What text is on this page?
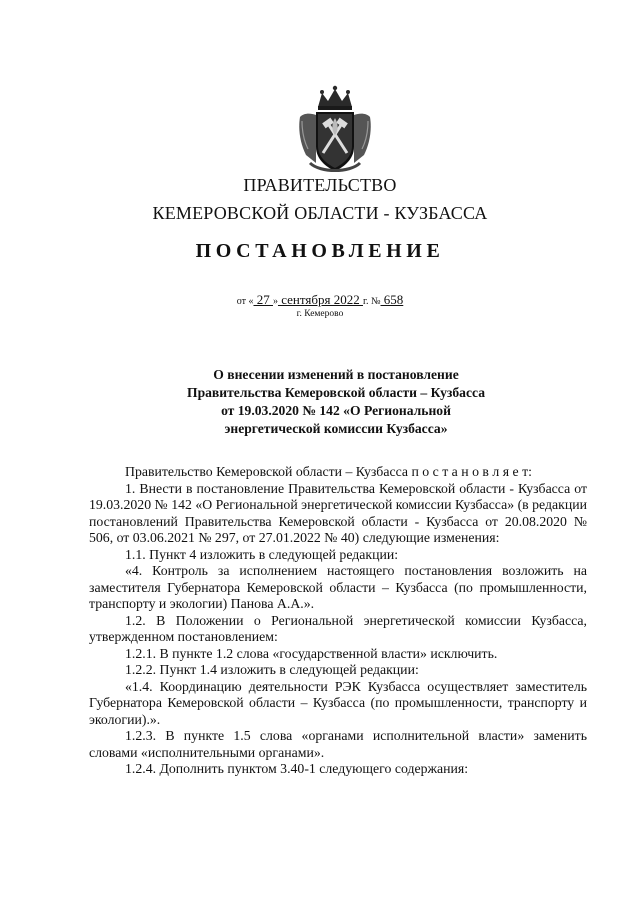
ПРАВИТЕЛЬСТВО
КЕМЕРОВСКОЙ ОБЛАСТИ - КУЗБАССА
ПОСТАНОВЛЕНИЕ
от « 27 » сентября 2022 г. № 658
г. Кемерово
О внесении изменений в постановление
Правительства Кемеровской области – Кузбасса
от 19.03.2020 № 142 «О Региональной
энергетической комиссии Кузбасса»

Правительство Кемеровской области – Кузбасса п о с т а н о в л я е т:

1. Внести в постановление Правительства Кемеровской области - Кузбасса от 19.03.2020 № 142 «О Региональной энергетической комиссии Кузбасса» (в редакции постановлений Правительства Кемеровской области - Кузбасса от 20.08.2020 № 506, от 03.06.2021 № 297, от 27.01.2022 № 40) следующие изменения:

1.1. Пункт 4 изложить в следующей редакции:

«4. Контроль за исполнением настоящего постановления возложить на заместителя Губернатора Кемеровской области – Кузбасса (по промышленности, транспорту и экологии) Панова А.А.».

1.2. В Положении о Региональной энергетической комиссии Кузбасса, утвержденном постановлением:

1.2.1. В пункте 1.2 слова «государственной власти» исключить.

1.2.2. Пункт 1.4 изложить в следующей редакции:

«1.4. Координацию деятельности РЭК Кузбасса осуществляет заместитель Губернатора Кемеровской области – Кузбасса (по промышленности, транспорту и экологии).».

1.2.3. В пункте 1.5 слова «органами исполнительной власти» заменить словами «исполнительными органами».

1.2.4. Дополнить пунктом 3.40-1 следующего содержания:
